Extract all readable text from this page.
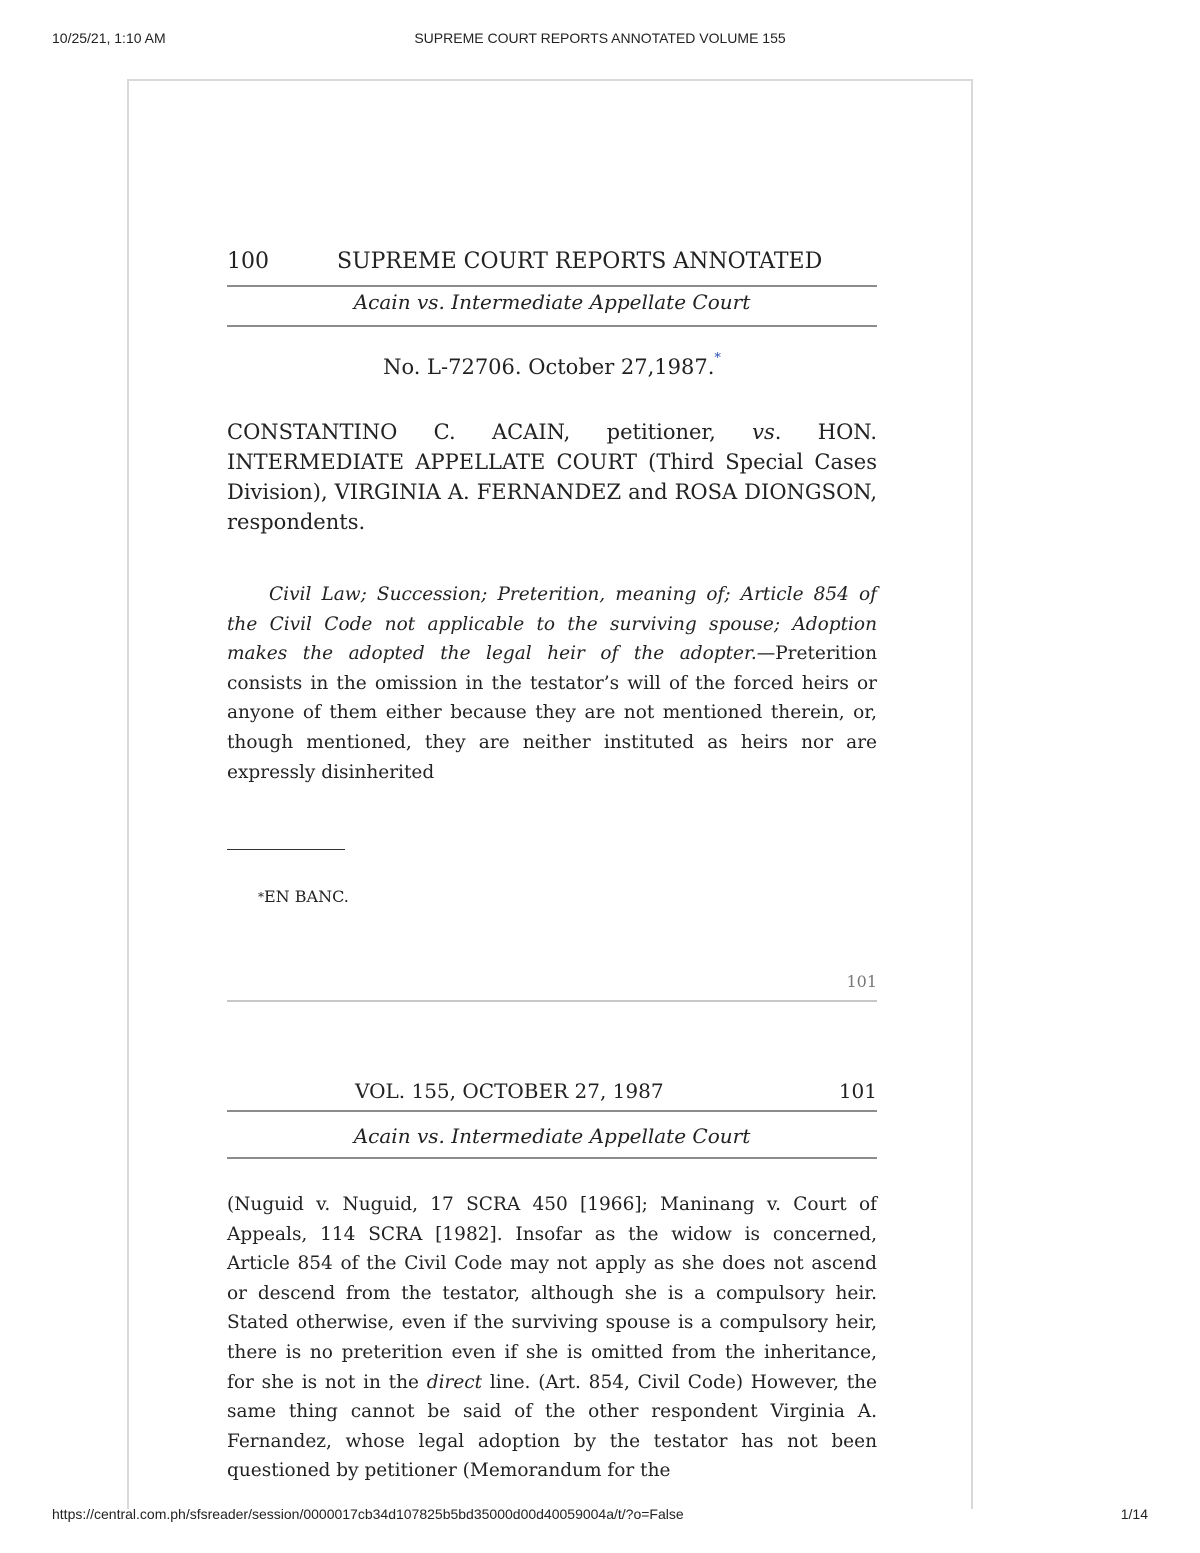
10/25/21, 1:10 AM	SUPREME COURT REPORTS ANNOTATED VOLUME 155
100	SUPREME COURT REPORTS ANNOTATED
Acain vs. Intermediate Appellate Court
No. L-72706. October 27,1987.*
CONSTANTINO C. ACAIN, petitioner, vs. HON. INTERMEDIATE APPELLATE COURT (Third Special Cases Division), VIRGINIA A. FERNANDEZ and ROSA DIONGSON, respondents.
Civil Law; Succession; Preterition, meaning of; Article 854 of the Civil Code not applicable to the surviving spouse; Adoption makes the adopted the legal heir of the adopter.—Preterition consists in the omission in the testator’s will of the forced heirs or anyone of them either because they are not mentioned therein, or, though mentioned, they are neither instituted as heirs nor are expressly disinherited
*EN BANC.
101
VOL. 155, OCTOBER 27, 1987	101
Acain vs. Intermediate Appellate Court
(Nuguid v. Nuguid, 17 SCRA 450 [1966]; Maninang v. Court of Appeals, 114 SCRA [1982]. Insofar as the widow is concerned, Article 854 of the Civil Code may not apply as she does not ascend or descend from the testator, although she is a compulsory heir. Stated otherwise, even if the surviving spouse is a compulsory heir, there is no preterition even if she is omitted from the inheritance, for she is not in the direct line. (Art. 854, Civil Code) However, the same thing cannot be said of the other respondent Virginia A. Fernandez, whose legal adoption by the testator has not been questioned by petitioner (Memorandum for the
https://central.com.ph/sfsreader/session/0000017cb34d107825b5bd35000d00d40059004a/t/?o=False	1/14
